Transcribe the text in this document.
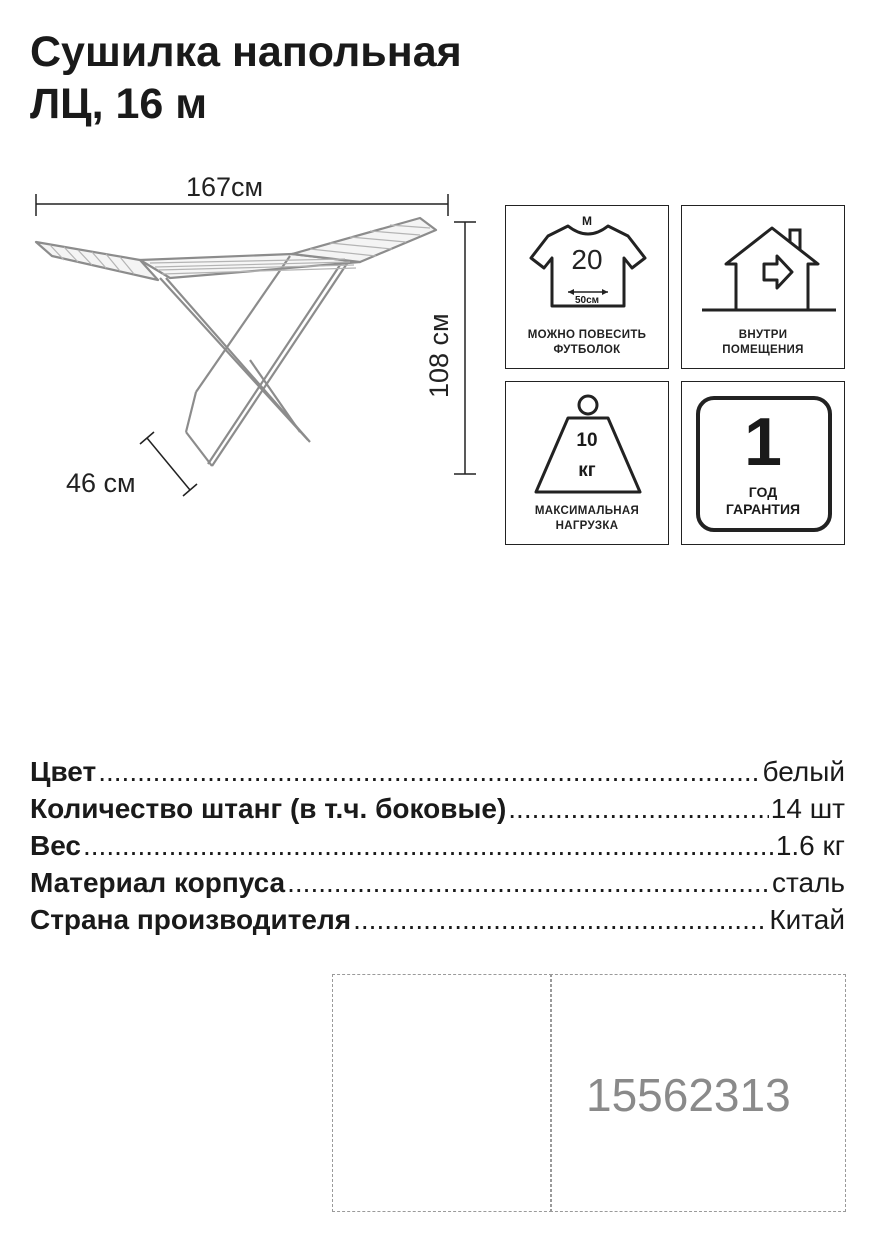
Сушилка напольная
ЛЦ, 16 м
167см
108 см
46 см
M
20
50см
МОЖНО ПОВЕСИТЬ
ФУТБОЛОК
ВНУТРИ
ПОМЕЩЕНИЯ
10
кг
МАКСИМАЛЬНАЯ
НАГРУЗКА
1
ГОД
ГАРАНТИЯ
Цвет .....	белый
Количество штанг (в т.ч. боковые) .....	14 шт
Вес .....	1.6 кг
Материал корпуса .....	сталь
Страна производителя .....	Китай
15562313
